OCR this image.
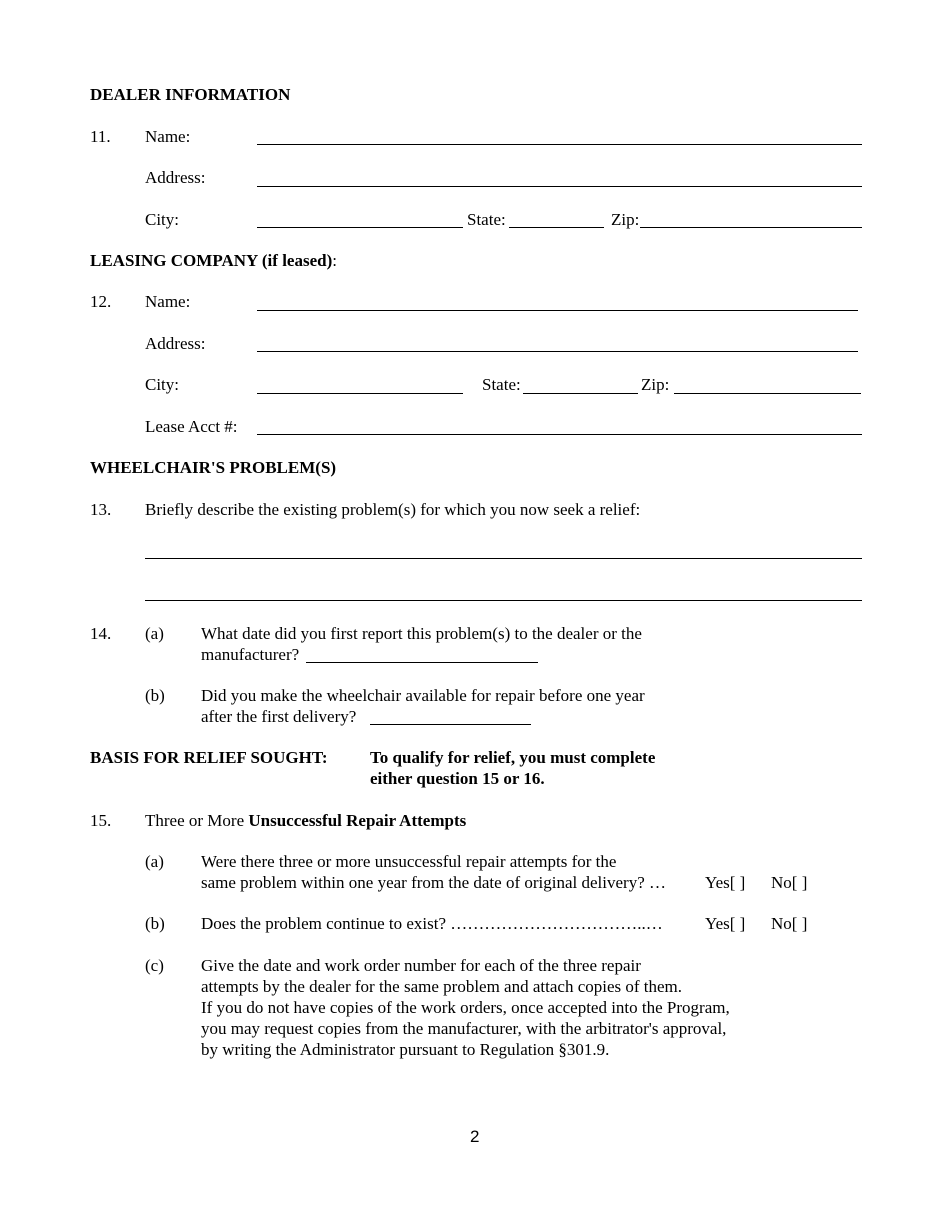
DEALER INFORMATION
11. Name:
Address:
City:	State:	Zip:
LEASING COMPANY (if leased):
12. Name:
Address:
City:	State:	Zip:
Lease Acct #:
WHEELCHAIR'S PROBLEM(S)
13. Briefly describe the existing problem(s) for which you now seek a relief:
14. (a) What date did you first report this problem(s) to the dealer or the
manufacturer?
(b) Did you make the wheelchair available for repair before one year
after the first delivery?
BASIS FOR RELIEF SOUGHT: To qualify for relief, you must complete
either question 15 or 16.
15. Three or More Unsuccessful Repair Attempts
(a) Were there three or more unsuccessful repair attempts for the
same problem within one year from the date of original delivery? … Yes[ ] No[ ]
(b) Does the problem continue to exist? ……………………………..… Yes[ ] No[ ]
(c) Give the date and work order number for each of the three repair
attempts by the dealer for the same problem and attach copies of them.
If you do not have copies of the work orders, once accepted into the Program,
you may request copies from the manufacturer, with the arbitrator's approval,
by writing the Administrator pursuant to Regulation §301.9.
2
